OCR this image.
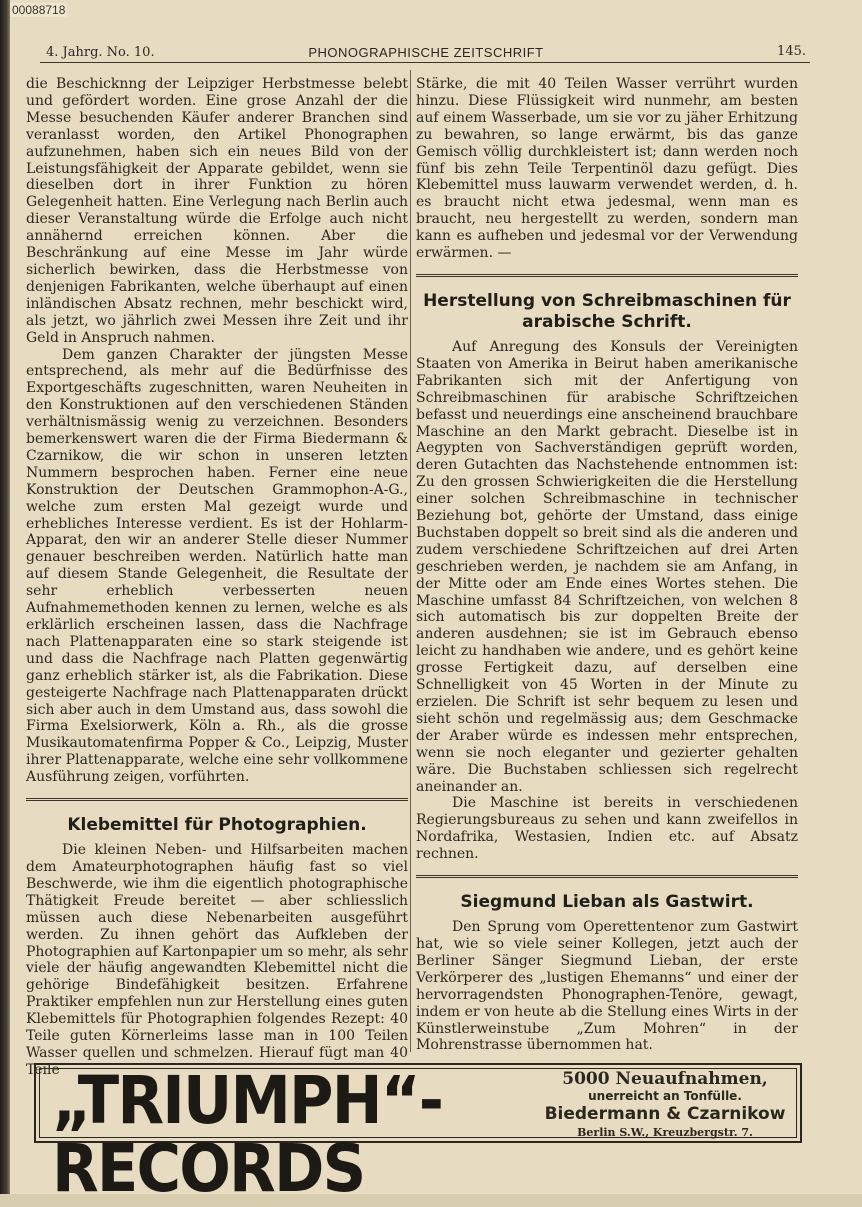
00088718
4. Jahrg. No. 10.	PHONOGRAPHISCHE ZEITSCHRIFT	145.

die Beschicknng der Leipziger Herbstmesse belebt und gefördert worden. Eine grose Anzahl der die Messe besuchenden Käufer anderer Branchen sind veranlasst worden, den Artikel Phonographen aufzunehmen, haben sich ein neues Bild von der Leistungsfähigkeit der Apparate gebildet, wenn sie dieselben dort in ihrer Funktion zu hören Gelegenheit hatten. Eine Verlegung nach Berlin auch dieser Veranstaltung würde die Erfolge auch nicht annähernd erreichen können. Aber die Beschränkung auf eine Messe im Jahr würde sicherlich bewirken, dass die Herbstmesse von denjenigen Fabrikanten, welche überhaupt auf einen inländischen Absatz rechnen, mehr beschickt wird, als jetzt, wo jährlich zwei Messen ihre Zeit und ihr Geld in Anspruch nahmen.

Dem ganzen Charakter der jüngsten Messe entsprechend, als mehr auf die Bedürfnisse des Exportgeschäfts zugeschnitten, waren Neuheiten in den Konstruktionen auf den verschiedenen Ständen verhältnismässig wenig zu verzeichnen. Besonders bemerkenswert waren die der Firma Biedermann & Czarnikow, die wir schon in unseren letzten Nummern besprochen haben. Ferner eine neue Konstruktion der Deutschen Grammophon-A-G., welche zum ersten Mal gezeigt wurde und erhebliches Interesse verdient. Es ist der Hohlarm-Apparat, den wir an anderer Stelle dieser Nummer genauer beschreiben werden. Natürlich hatte man auf diesem Stande Gelegenheit, die Resultate der sehr erheblich verbesserten neuen Aufnahmemethoden kennen zu lernen, welche es als erklärlich erscheinen lassen, dass die Nachfrage nach Plattenapparaten eine so stark steigende ist und dass die Nachfrage nach Platten gegenwärtig ganz erheblich stärker ist, als die Fabrikation. Diese gesteigerte Nachfrage nach Plattenapparaten drückt sich aber auch in dem Umstand aus, dass sowohl die Firma Exelsiorwerk, Köln a. Rh., als die grosse Musikautomatenfirma Popper & Co., Leipzig, Muster ihrer Plattenapparate, welche eine sehr vollkommene Ausführung zeigen, vorführten.

Klebemittel für Photographien.

Die kleinen Neben- und Hilfsarbeiten machen dem Amateurphotographen häufig fast so viel Beschwerde, wie ihm die eigentlich photographische Thätigkeit Freude bereitet — aber schliesslich müssen auch diese Nebenarbeiten ausgeführt werden. Zu ihnen gehört das Aufkleben der Photographien auf Kartonpapier um so mehr, als sehr viele der häufig angewandten Klebemittel nicht die gehörige Bindefähigkeit besitzen. Erfahrene Praktiker empfehlen nun zur Herstellung eines guten Klebemittels für Photographien folgendes Rezept: 40 Teile guten Körnerleims lasse man in 100 Teilen Wasser quellen und schmelzen. Hierauf fügt man 40 Teile

Stärke, die mit 40 Teilen Wasser verrührt wurden hinzu. Diese Flüssigkeit wird nunmehr, am besten auf einem Wasserbade, um sie vor zu jäher Erhitzung zu bewahren, so lange erwärmt, bis das ganze Gemisch völlig durchkleistert ist; dann werden noch fünf bis zehn Teile Terpentinöl dazu gefügt. Dies Klebemittel muss lauwarm verwendet werden, d. h. es braucht nicht etwa jedesmal, wenn man es braucht, neu hergestellt zu werden, sondern man kann es aufheben und jedesmal vor der Verwendung erwärmen. —

Herstellung von Schreibmaschinen für arabische Schrift.

Auf Anregung des Konsuls der Vereinigten Staaten von Amerika in Beirut haben amerikanische Fabrikanten sich mit der Anfertigung von Schreibmaschinen für arabische Schriftzeichen befasst und neuerdings eine anscheinend brauchbare Maschine an den Markt gebracht. Dieselbe ist in Aegypten von Sachverständigen geprüft worden, deren Gutachten das Nachstehende entnommen ist: Zu den grossen Schwierigkeiten die die Herstellung einer solchen Schreibmaschine in technischer Beziehung bot, gehörte der Umstand, dass einige Buchstaben doppelt so breit sind als die anderen und zudem verschiedene Schriftzeichen auf drei Arten geschrieben werden, je nachdem sie am Anfang, in der Mitte oder am Ende eines Wortes stehen. Die Maschine umfasst 84 Schriftzeichen, von welchen 8 sich automatisch bis zur doppelten Breite der anderen ausdehnen; sie ist im Gebrauch ebenso leicht zu handhaben wie andere, und es gehört keine grosse Fertigkeit dazu, auf derselben eine Schnelligkeit von 45 Worten in der Minute zu erzielen. Die Schrift ist sehr bequem zu lesen und sieht schön und regelmässig aus; dem Geschmacke der Araber würde es indessen mehr entsprechen, wenn sie noch eleganter und gezierter gehalten wäre. Die Buchstaben schliessen sich regelrecht aneinander an.

Die Maschine ist bereits in verschiedenen Regierungsbureaus zu sehen und kann zweifellos in Nordafrika, Westasien, Indien etc. auf Absatz rechnen.

Siegmund Lieban als Gastwirt.

Den Sprung vom Operettentenor zum Gastwirt hat, wie so viele seiner Kollegen, jetzt auch der Berliner Sänger Siegmund Lieban, der erste Verkörperer des „lustigen Ehemanns“ und einer der hervorragendsten Phonographen-Tenöre, gewagt, indem er von heute ab die Stellung eines Wirts in der Künstlerweinstube „Zum Mohren“ in der Mohrenstrasse übernommen hat.

„TRIUMPH“-RECORDS
5000 Neuaufnahmen,
unerreicht an Tonfülle.
Biedermann & Czarnikow
Berlin S.W., Kreuzbergstr. 7.
